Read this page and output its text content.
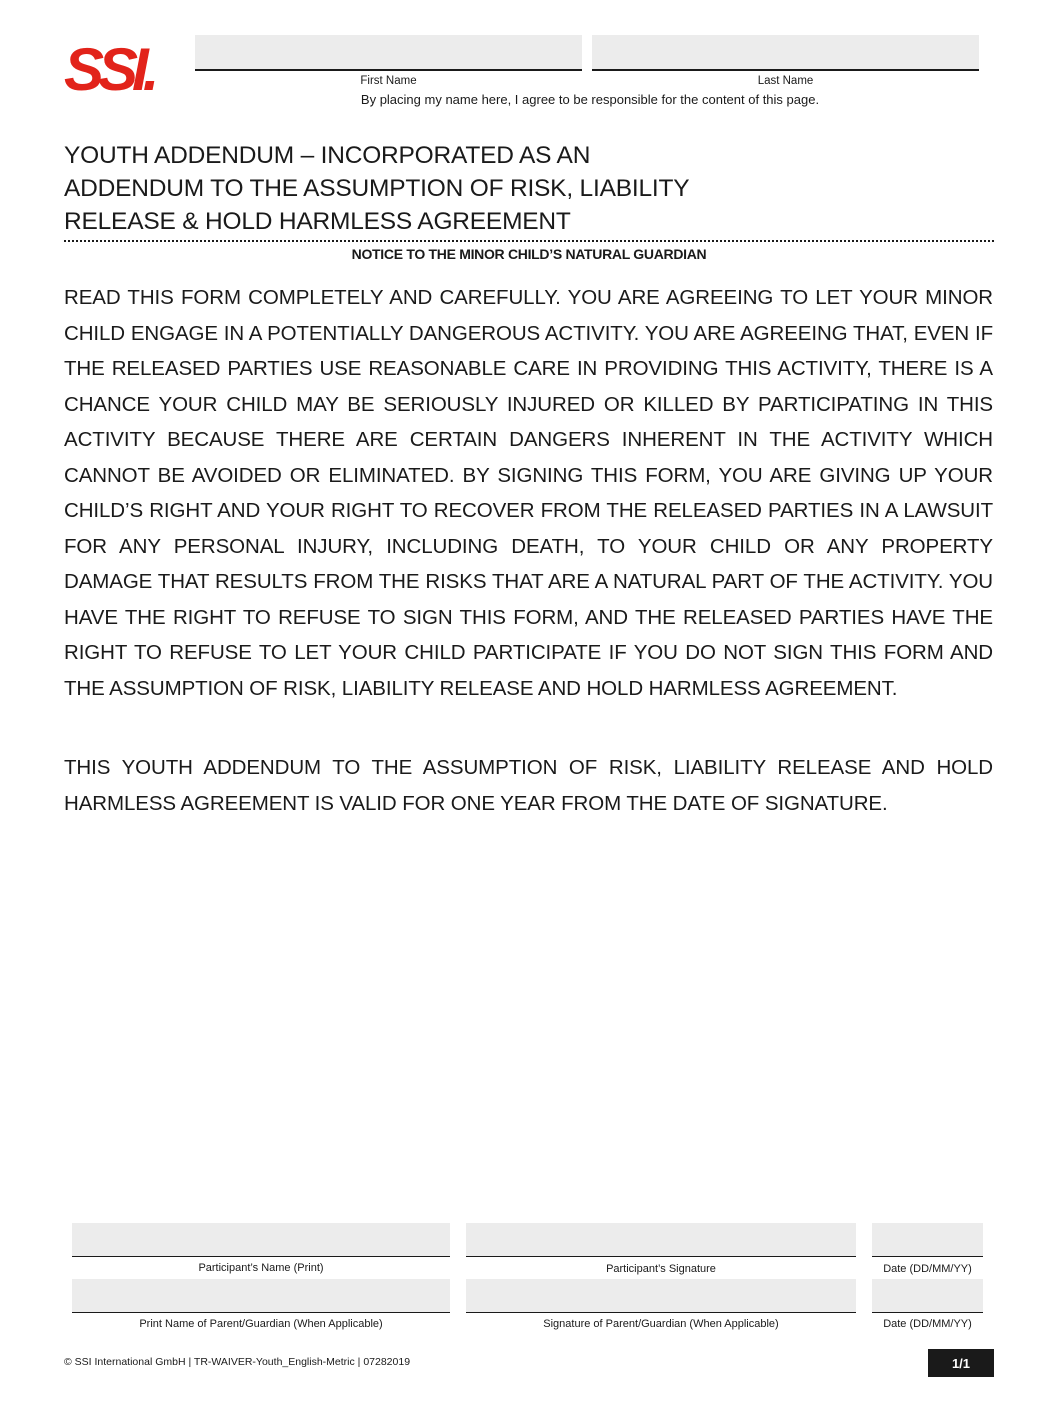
SSI.	First Name	Last Name
By placing my name here, I agree to be responsible for the content of this page.
YOUTH ADDENDUM – INCORPORATED AS AN
ADDENDUM TO THE ASSUMPTION OF RISK, LIABILITY
RELEASE & HOLD HARMLESS AGREEMENT
NOTICE TO THE MINOR CHILD’S NATURAL GUARDIAN

READ THIS FORM COMPLETELY AND CAREFULLY. YOU ARE AGREEING TO LET YOUR MINOR CHILD ENGAGE IN A POTENTIALLY DANGEROUS ACTIVITY. YOU ARE AGREEING THAT, EVEN IF THE RELEASED PARTIES USE REASONABLE CARE IN PROVIDING THIS ACTIVITY, THERE IS A CHANCE YOUR CHILD MAY BE SERIOUSLY INJURED OR KILLED BY PARTICIPATING IN THIS ACTIVITY BECAUSE THERE ARE CERTAIN DANGERS INHERENT IN THE ACTIVITY WHICH CANNOT BE AVOIDED OR ELIMINATED. BY SIGNING THIS FORM, YOU ARE GIVING UP YOUR CHILD’S RIGHT AND YOUR RIGHT TO RECOVER FROM THE RELEASED PARTIES IN A LAWSUIT FOR ANY PERSONAL INJURY, INCLUDING DEATH, TO YOUR CHILD OR ANY PROPERTY DAMAGE THAT RESULTS FROM THE RISKS THAT ARE A NATURAL PART OF THE ACTIVITY. YOU HAVE THE RIGHT TO REFUSE TO SIGN THIS FORM, AND THE RELEASED PARTIES HAVE THE RIGHT TO REFUSE TO LET YOUR CHILD PARTICIPATE IF YOU DO NOT SIGN THIS FORM AND THE ASSUMPTION OF RISK, LIABILITY RELEASE AND HOLD HARMLESS AGREEMENT.

THIS YOUTH ADDENDUM TO THE ASSUMPTION OF RISK, LIABILITY RELEASE AND HOLD HARMLESS AGREEMENT IS VALID FOR ONE YEAR FROM THE DATE OF SIGNATURE.

Participant’s Name (Print)	Participant’s Signature	Date (DD/MM/YY)
Print Name of Parent/Guardian (When Applicable)	Signature of Parent/Guardian (When Applicable)	Date (DD/MM/YY)
© SSI International GmbH | TR-WAIVER-Youth_English-Metric | 07282019	1/1
